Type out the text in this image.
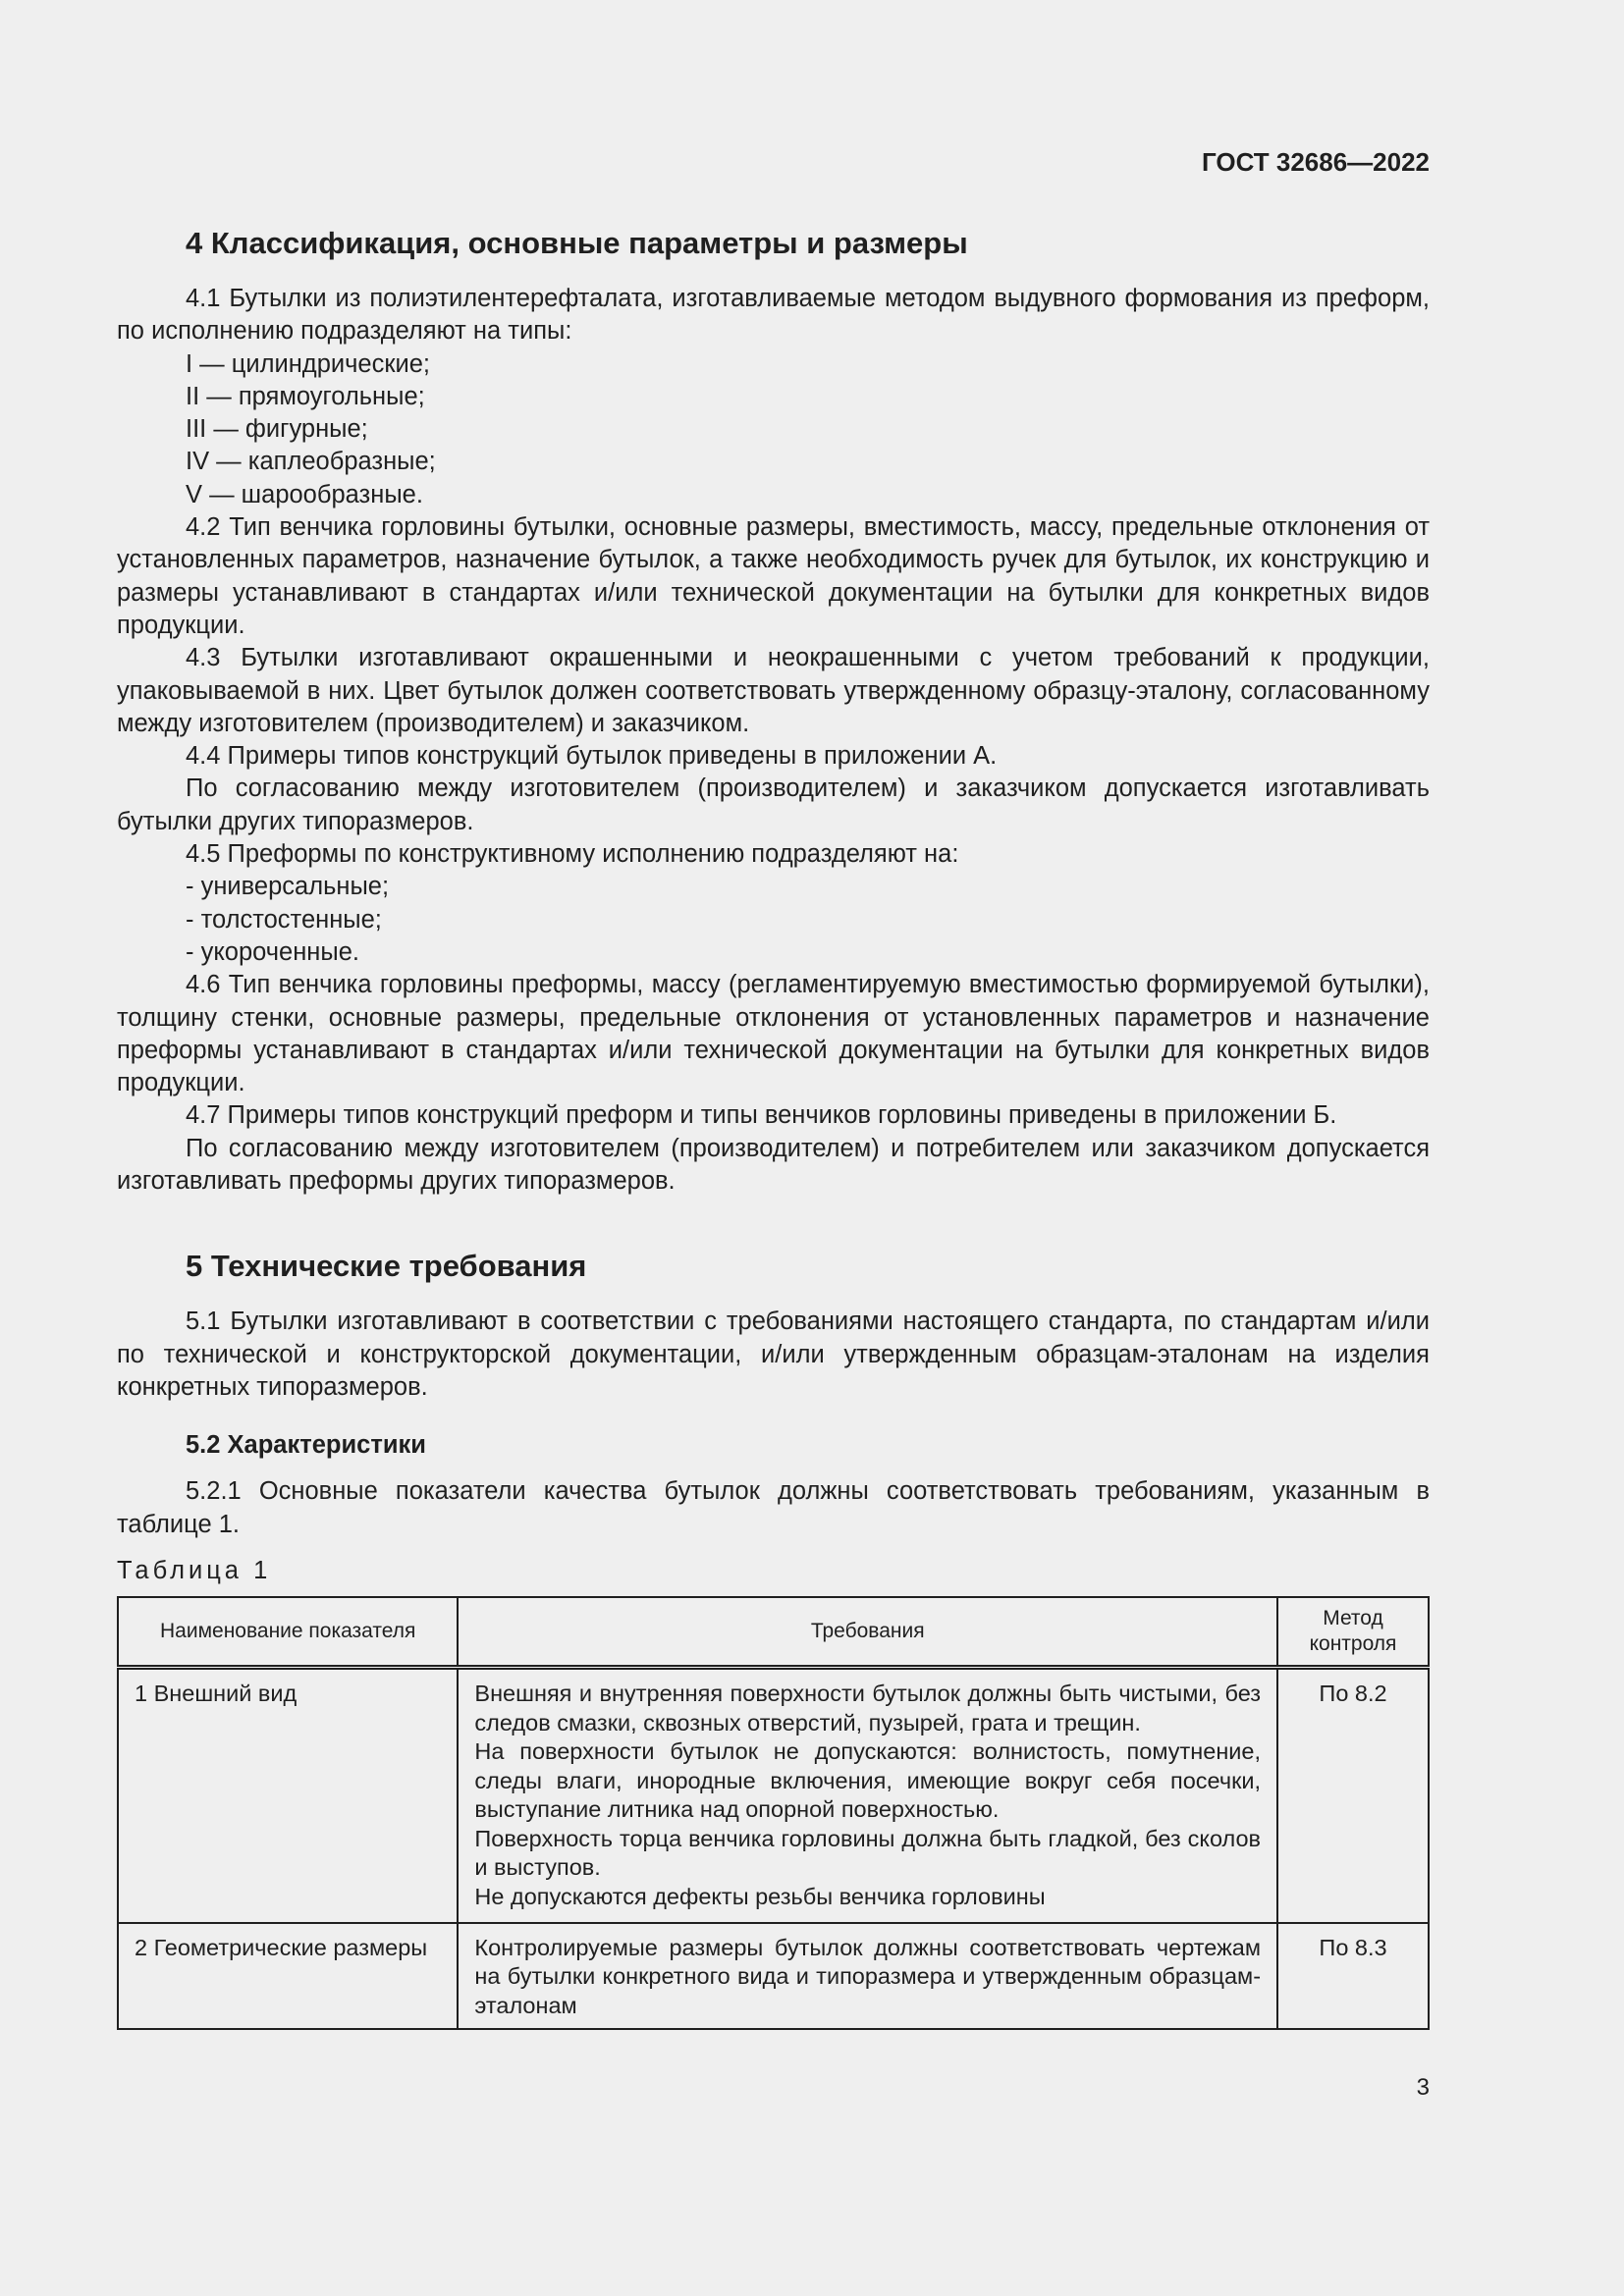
ГОСТ 32686—2022
4 Классификация, основные параметры и размеры

4.1 Бутылки из полиэтилентерефталата, изготавливаемые методом выдувного формования из преформ, по исполнению подразделяют на типы:

I — цилиндрические;

II — прямоугольные;

III — фигурные;

IV — каплеобразные;

V — шарообразные.

4.2 Тип венчика горловины бутылки, основные размеры, вместимость, массу, предельные отклонения от установленных параметров, назначение бутылок, а также необходимость ручек для бутылок, их конструкцию и размеры устанавливают в стандартах и/или технической документации на бутылки для конкретных видов продукции.

4.3 Бутылки изготавливают окрашенными и неокрашенными с учетом требований к продукции, упаковываемой в них. Цвет бутылок должен соответствовать утвержденному образцу-эталону, согласованному между изготовителем (производителем) и заказчиком.

4.4 Примеры типов конструкций бутылок приведены в приложении А.

По согласованию между изготовителем (производителем) и заказчиком допускается изготавливать бутылки других типоразмеров.

4.5 Преформы по конструктивному исполнению подразделяют на:

- универсальные;

- толстостенные;

- укороченные.

4.6 Тип венчика горловины преформы, массу (регламентируемую вместимостью формируемой бутылки), толщину стенки, основные размеры, предельные отклонения от установленных параметров и назначение преформы устанавливают в стандартах и/или технической документации на бутылки для конкретных видов продукции.

4.7 Примеры типов конструкций преформ и типы венчиков горловины приведены в приложении Б.

По согласованию между изготовителем (производителем) и потребителем или заказчиком допускается изготавливать преформы других типоразмеров.

5 Технические требования

5.1 Бутылки изготавливают в соответствии с требованиями настоящего стандарта, по стандартам и/или по технической и конструкторской документации, и/или утвержденным образцам-эталонам на изделия конкретных типоразмеров.

5.2 Характеристики

5.2.1 Основные показатели качества бутылок должны соответствовать требованиям, указанным в таблице 1.

Таблица 1
Наименование показателя	Требования	Метод контроля
1 Внешний вид	Внешняя и внутренняя поверхности бутылок должны быть чистыми, без следов смазки, сквозных отверстий, пузырей, грата и трещин.
На поверхности бутылок не допускаются: волнистость, помутнение, следы влаги, инородные включения, имеющие вокруг себя посечки, выступание литника над опорной поверхностью.
Поверхность торца венчика горловины должна быть гладкой, без сколов и выступов.
Не допускаются дефекты резьбы венчика горловины	По 8.2
2 Геометрические размеры	Контролируемые размеры бутылок должны соответствовать чертежам на бутылки конкретного вида и типоразмера и утвержденным образцам-эталонам	По 8.3
3
